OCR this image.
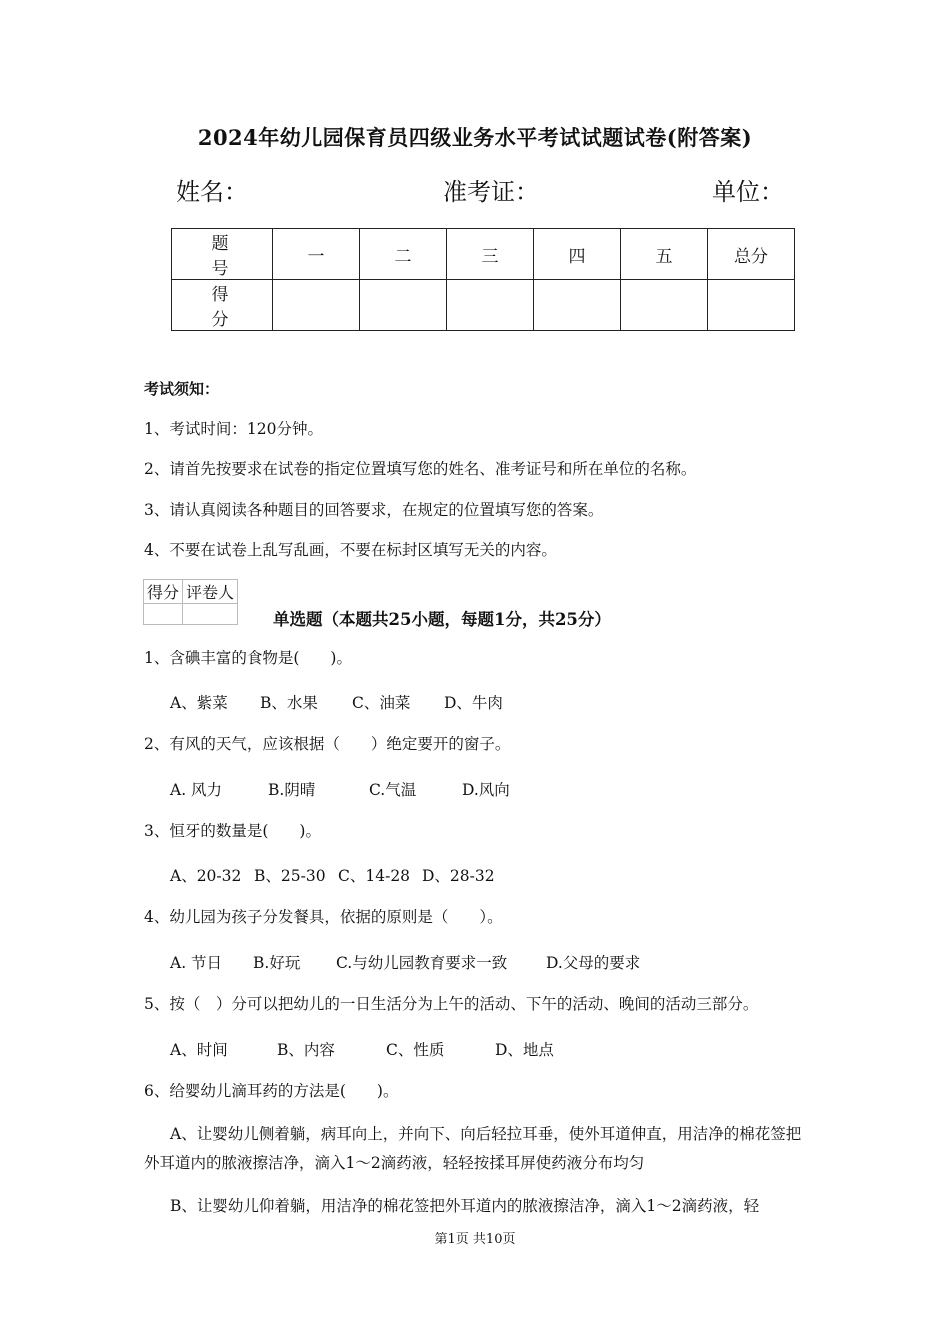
2024年幼儿园保育员四级业务水平考试试题试卷(附答案)
姓名：	准考证：	单位：
题　号	一	二	三	四	五	总分
得　分						
考试须知：
1、考试时间：120分钟。
2、请首先按要求在试卷的指定位置填写您的姓名、准考证号和所在单位的名称。
3、请认真阅读各种题目的回答要求，在规定的位置填写您的答案。
4、不要在试卷上乱写乱画，不要在标封区填写无关的内容。
得分	评卷人

单选题（本题共25小题，每题1分，共25分）
1、含碘丰富的食物是(　　)。
A、紫菜 B、水果 C、油菜 D、牛肉
2、有风的天气，应该根据（　　）绝定要开的窗子。
A. 风力	B.阴晴	C.气温	D.风向
3、恒牙的数量是(　　)。
A、20-32 B、25-30 C、14-28 D、28-32
4、幼儿园为孩子分发餐具，依据的原则是（　　）。
A. 节日 B.好玩 C.与幼儿园教育要求一致	D.父母的要求
5、按（　）分可以把幼儿的一日生活分为上午的活动、下午的活动、晚间的活动三部分。
A、时间	B、内容	C、性质	D、地点
6、给婴幼儿滴耳药的方法是(　　)。
A、让婴幼儿侧着躺，病耳向上，并向下、向后轻拉耳垂，使外耳道伸直，用洁净的棉花签把外耳道内的脓液擦洁净，滴入1～2滴药液，轻轻按揉耳屏使药液分布均匀
B、让婴幼儿仰着躺，用洁净的棉花签把外耳道内的脓液擦洁净，滴入1～2滴药液，轻
第1页 共10页
